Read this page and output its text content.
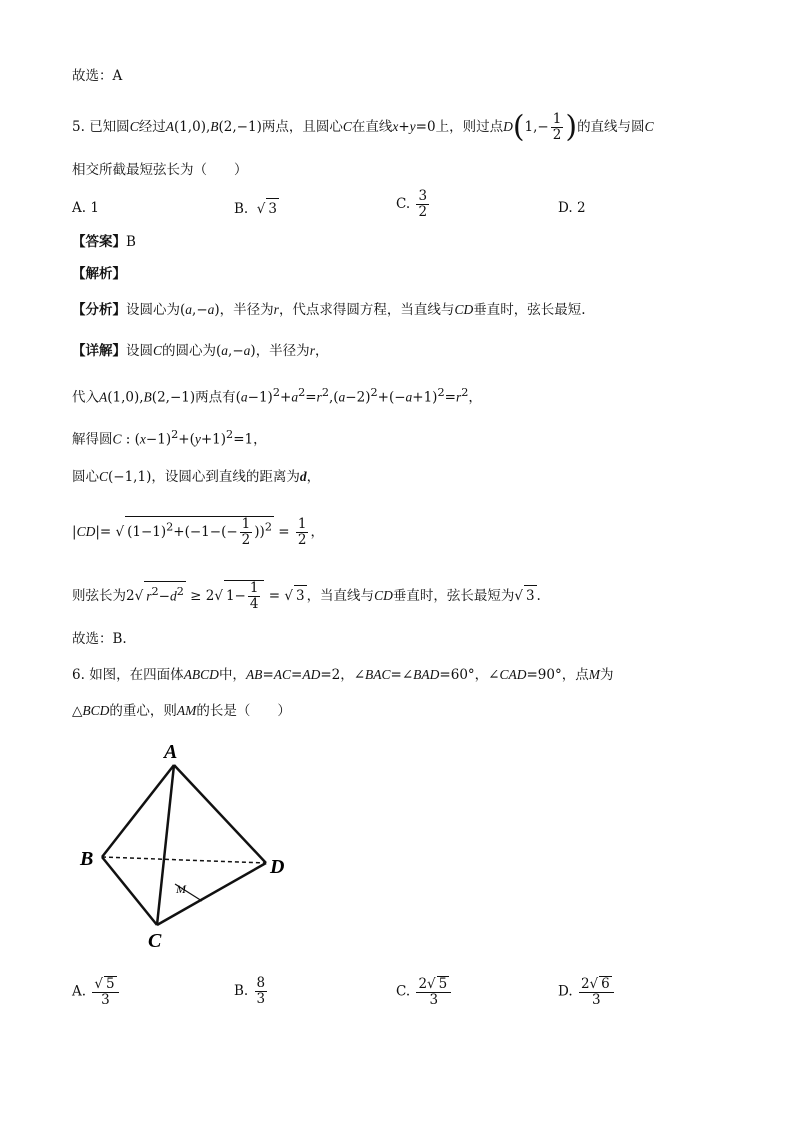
故选：A
5. 已知圆C经过A(1,0),B(2,−1)两点，且圆心C在直线x+y=0上，则过点$D(1,- \frac{1}{2}$ )的直线与圆C
相交所截最短弦长为（　　）
A. 1	B.  √ 3	C. $\frac{3}{2}$	D. 2
【答案】B
【解析】
【分析】设圆心为(a,−a)，半径为r，代点求得圆方程，当直线与CD垂直时，弦长最短.
【详解】设圆C的圆心为(a,−a)，半径为r，
代入A(1,0),B(2,−1)两点有$(a-1)^2+a^2=r^2,(a-2)^2+(-a+1)^2=r^2$，
解得圆C : $(x-1)^2+(y+1)^2=1$，
圆心C(−1,1)，设圆心到直线的距离为d，
|CD|= √ $(1-1)^2+(-1-(- \frac{1}{2} ))^2 = \frac{1}{2}$ ，
则弦长为2√ $r^2-d^2 \ge 2√$ $1- \frac{1}{4}$ = √ 3 ，当直线与CD垂直时，弦长最短为√ 3 .
故选：B.
6. 如图，在四面体ABCD中，AB=AC=AD=2，∠BAC=∠BAD=60°，∠CAD=90°，点M为
△BCD的重心，则AM的长是（　　）
A
B
C
D
M
A. $\frac{√ 5}{3}$	B. $\frac{8}{3}$	C. $\frac{2√ 5}{3}$	D. $\frac{2√ 6}{3}$
